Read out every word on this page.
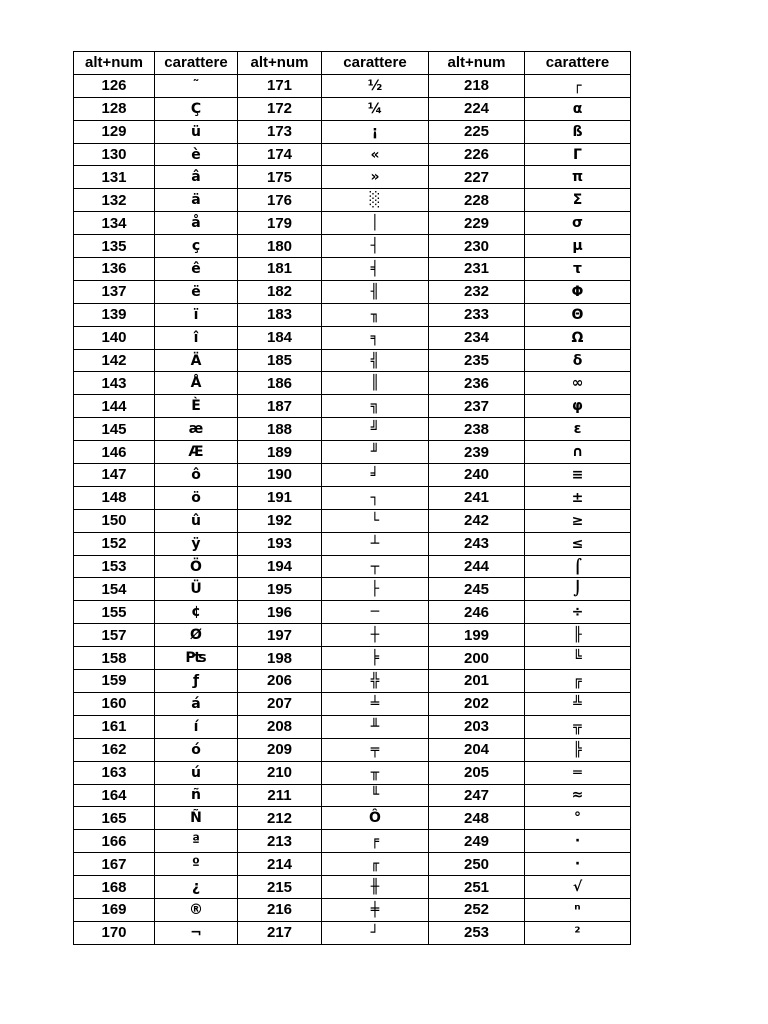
alt+num	carattere	alt+num	carattere	alt+num	carattere
126	˜	171	½	218	┌
128	Ç	172	¼	224	α
129	ü	173	¡	225	ß
130	è	174	«	226	Γ
131	â	175	»	227	π
132	ä	176	░	228	Σ
134	å	179	│	229	σ
135	ç	180	┤	230	µ
136	ê	181	╡	231	τ
137	ë	182	╢	232	Φ
139	ï	183	╖	233	Θ
140	î	184	╕	234	Ω
142	Ä	185	╣	235	δ
143	Å	186	║	236	∞
144	È	187	╗	237	φ
145	æ	188	╝	238	ε
146	Æ	189	╜	239	∩
147	ô	190	╛	240	≡
148	ö	191	┐	241	±
150	û	192	└	242	≥
152	ÿ	193	┴	243	≤
153	Ö	194	┬	244	⌠
154	Ü	195	├	245	⌡
155	¢	196	─	246	÷
157	Ø	197	┼	199	╟
158	₧	198	╞	200	╚
159	ƒ	206	╬	201	╔
160	á	207	╧	202	╩
161	í	208	╨	203	╦
162	ó	209	╤	204	╠
163	ú	210	╥	205	═
164	ñ	211	╙	247	≈
165	Ñ	212	Ô	248	°
166	ª	213	╒	249	∙
167	º	214	╓	250	·
168	¿	215	╫	251	√
169	®	216	╪	252	ⁿ
170	¬	217	┘	253	²
